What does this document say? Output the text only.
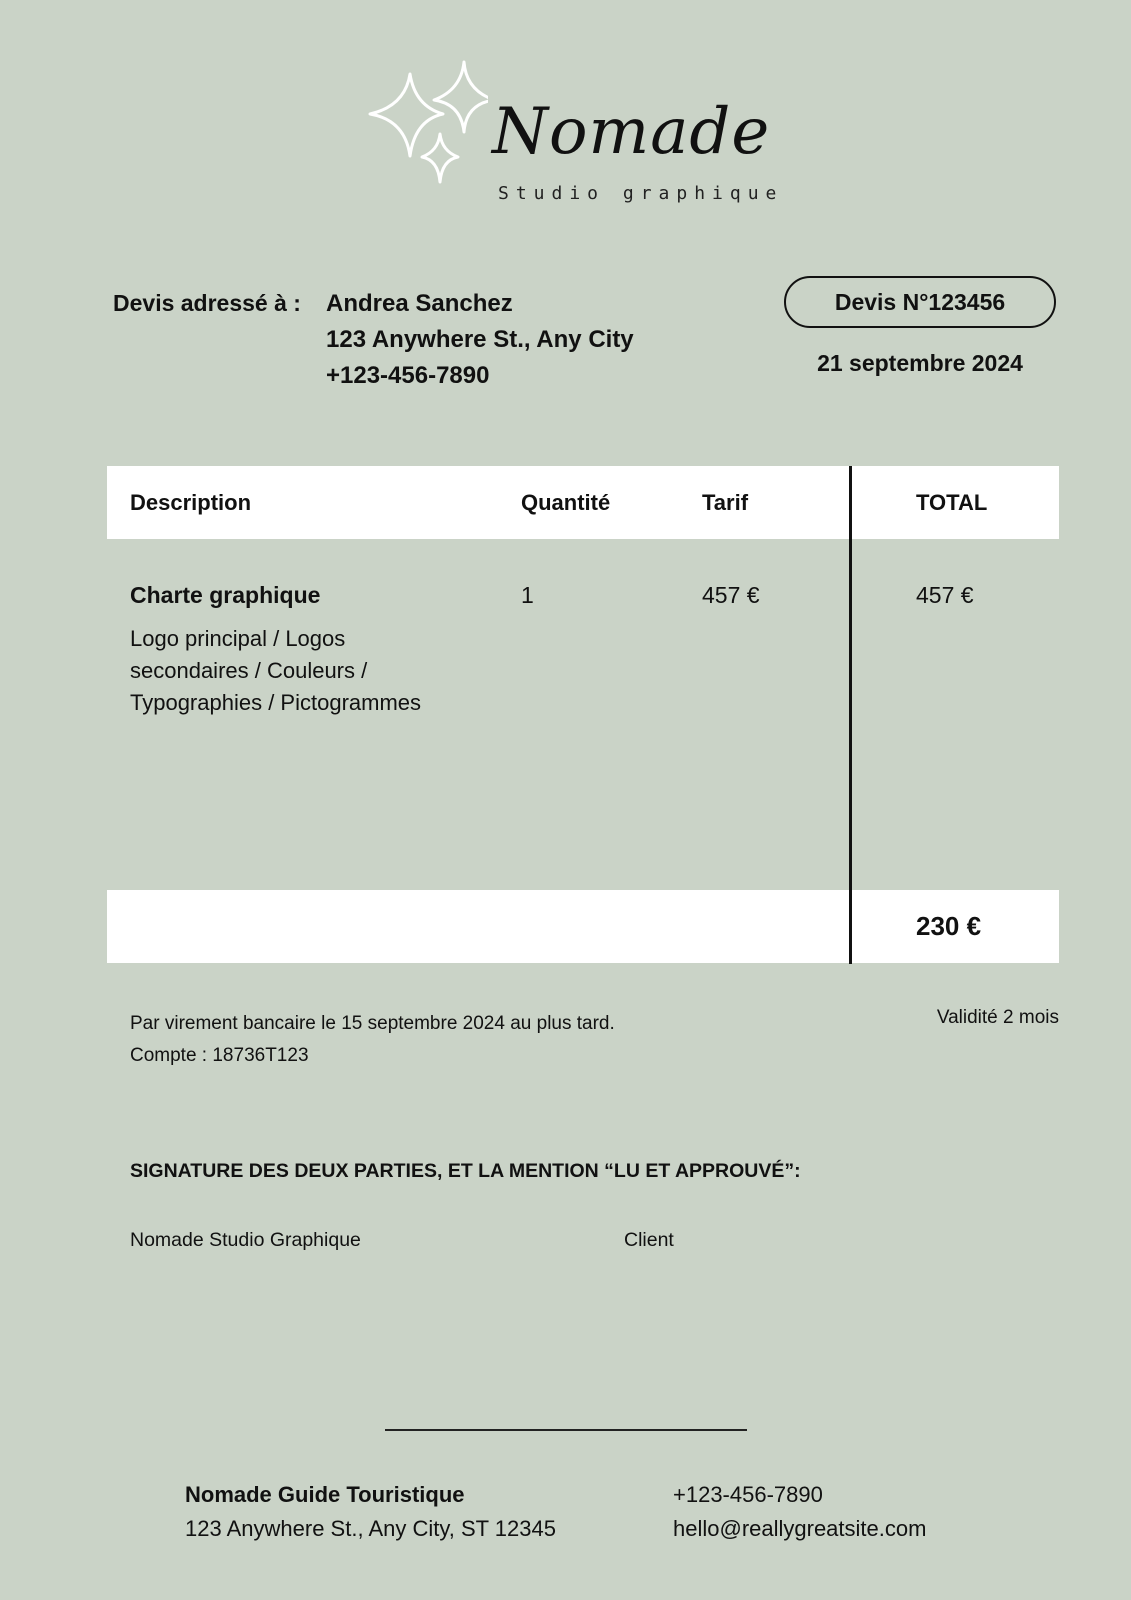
Nomade
Studio graphique
Devis adressé à : Andrea Sanchez
123 Anywhere St., Any City
+123-456-7890
Devis N°123456
21 septembre 2024
Description	Quantité	Tarif	TOTAL
Charte graphique
Logo principal / Logos
secondaires / Couleurs /
Typographies / Pictogrammes
1	457 €	457 €
230 €
Par virement bancaire le 15 septembre 2024 au plus tard.
Compte : 18736T123
Validité 2 mois
SIGNATURE DES DEUX PARTIES, ET LA MENTION “LU ET APPROUVÉ”:
Nomade Studio Graphique	Client
Nomade Guide Touristique
123 Anywhere St., Any City, ST 12345
+123-456-7890
hello@reallygreatsite.com
